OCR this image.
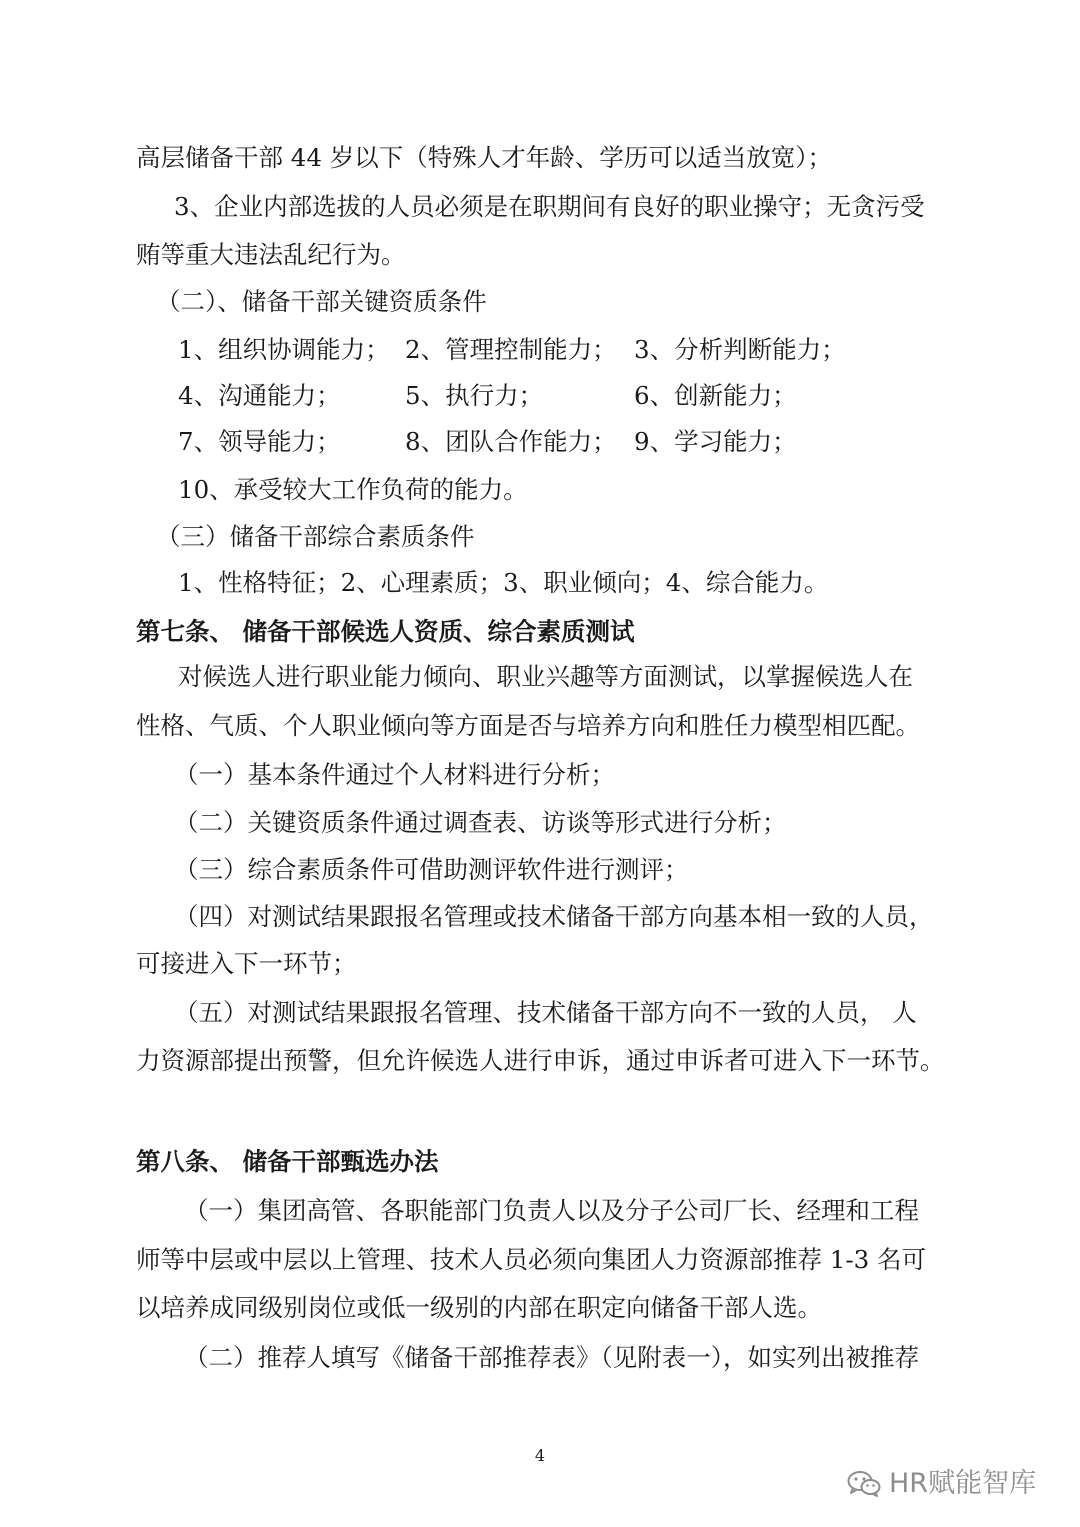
高层储备干部 44 岁以下（特殊人才年龄、学历可以适当放宽）；
3、企业内部选拔的人员必须是在职期间有良好的职业操守；无贪污受
贿等重大违法乱纪行为。
（二）、储备干部关键资质条件
1、组织协调能力； 2、管理控制能力； 3、分析判断能力；
4、沟通能力；	5、执行力；	6、创新能力；
7、领导能力；	8、团队合作能力； 9、学习能力；
10、承受较大工作负荷的能力。
（三）储备干部综合素质条件
1、性格特征；2、心理素质；3、职业倾向；4、综合能力。
第七条、 储备干部候选人资质、综合素质测试
对候选人进行职业能力倾向、职业兴趣等方面测试，以掌握候选人在
性格、气质、个人职业倾向等方面是否与培养方向和胜任力模型相匹配。
（一）基本条件通过个人材料进行分析；
（二）关键资质条件通过调查表、访谈等形式进行分析；
（三）综合素质条件可借助测评软件进行测评；
（四）对测试结果跟报名管理或技术储备干部方向基本相一致的人员，
可接进入下一环节；
（五）对测试结果跟报名管理、技术储备干部方向不一致的人员， 人
力资源部提出预警，但允许候选人进行申诉，通过申诉者可进入下一环节。
第八条、 储备干部甄选办法
（一）集团高管、各职能部门负责人以及分子公司厂长、经理和工程
师等中层或中层以上管理、技术人员必须向集团人力资源部推荐 1-3 名可
以培养成同级别岗位或低一级别的内部在职定向储备干部人选。
（二）推荐人填写《储备干部推荐表》（见附表一），如实列出被推荐
4
HR赋能智库
